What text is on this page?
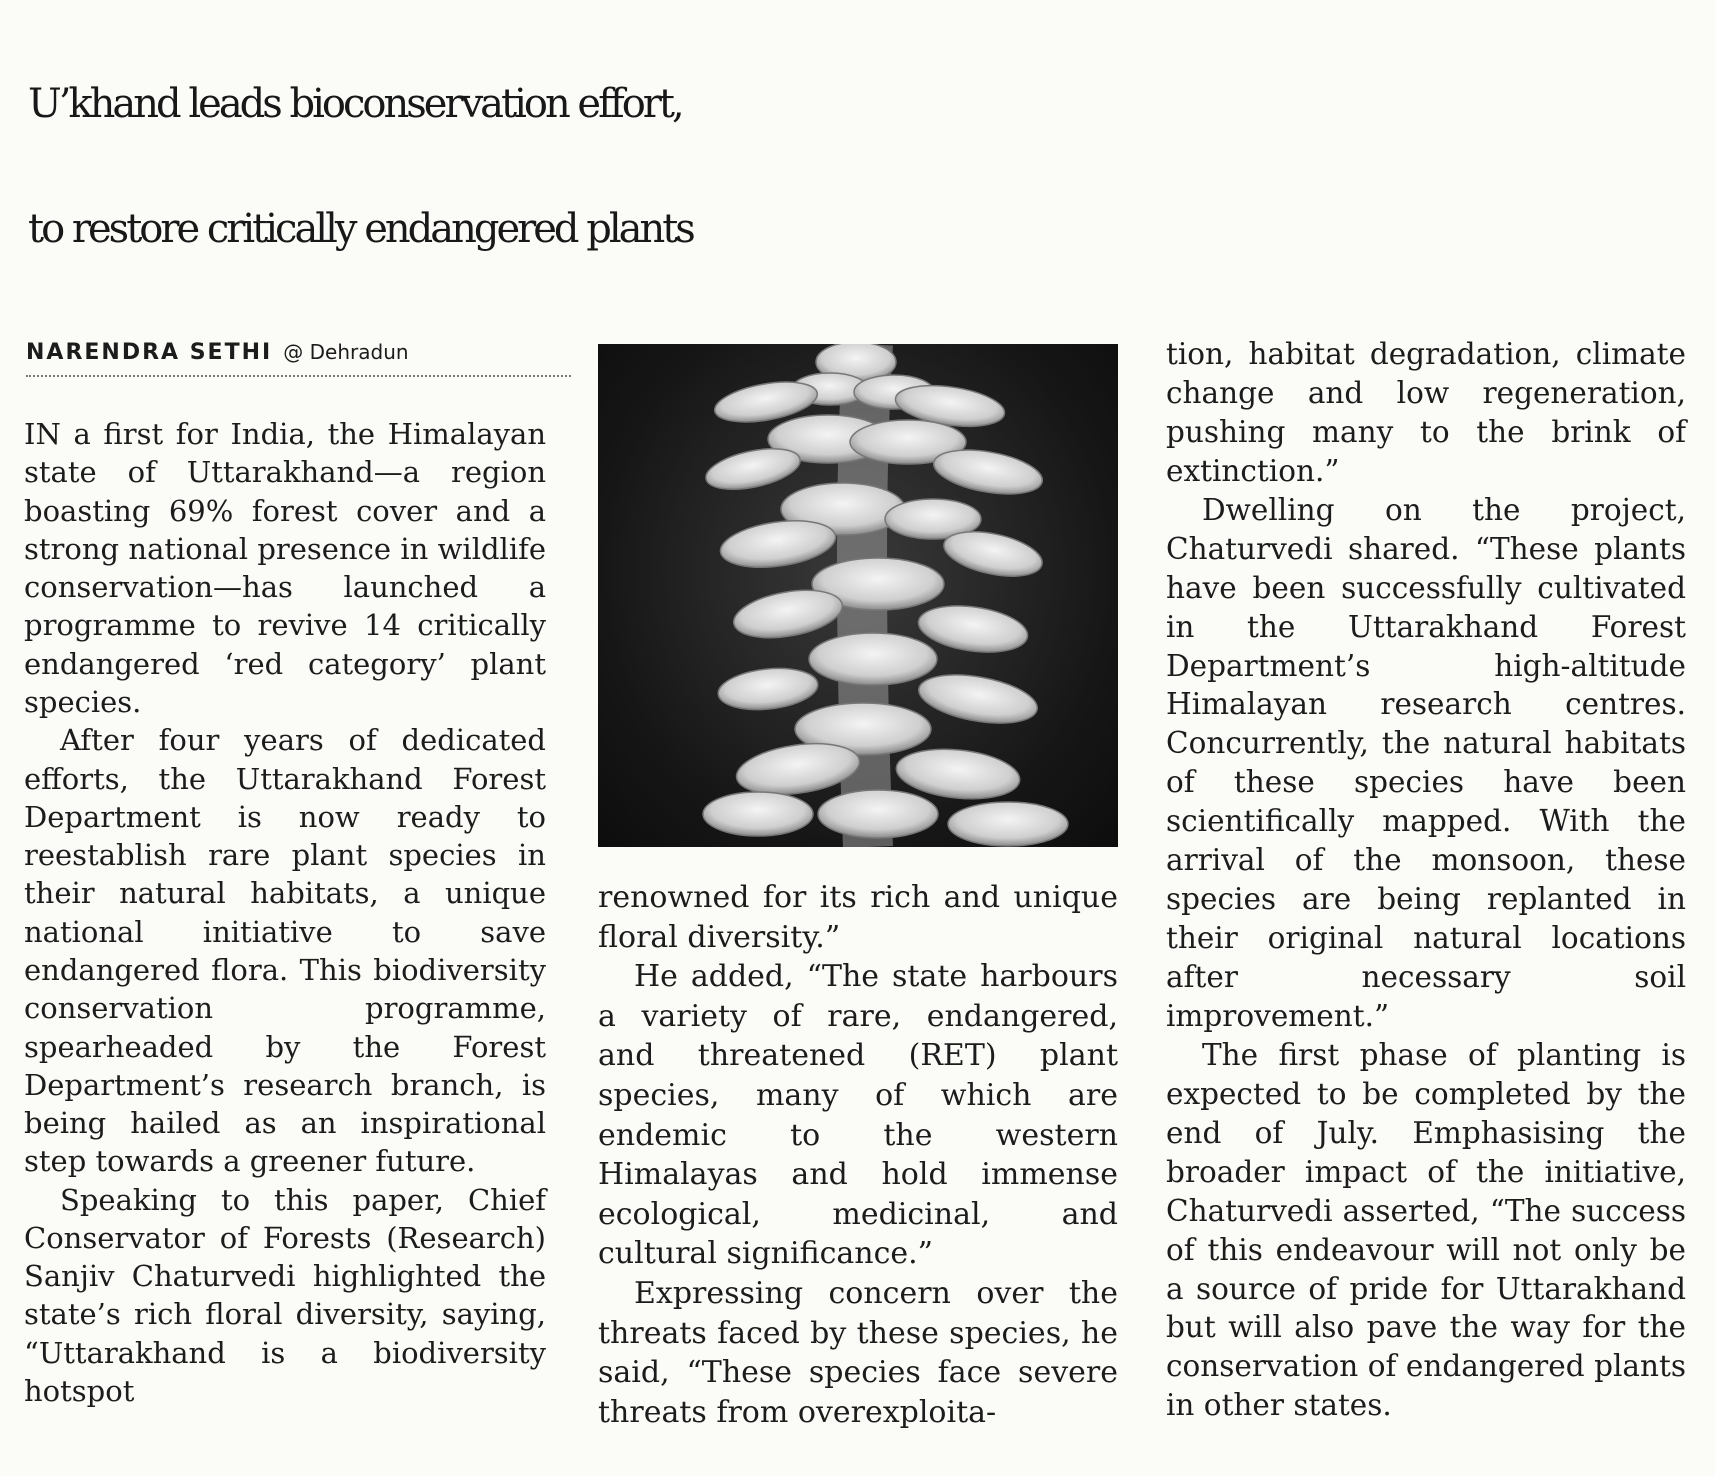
U’khand leads bioconservation effort,
to restore critically endangered plants
NARENDRA SETHI @ Dehradun

IN a first for India, the Himalayan state of Uttarakhand—a region boasting 69% forest cover and a strong national presence in wildlife conservation—has launched a programme to revive 14 critically endangered ‘red category’ plant species.

After four years of dedicated efforts, the Uttarakhand Forest Department is now ready to reestablish rare plant species in their natural habitats, a unique national initiative to save endangered flora. This biodiversity conservation programme, spearheaded by the Forest Department’s research branch, is being hailed as an inspirational step towards a greener future.

Speaking to this paper, Chief Conservator of Forests (Research) Sanjiv Chaturvedi highlighted the state’s rich floral diversity, saying, “Uttarakhand is a biodiversity hotspot

renowned for its rich and unique floral diversity.”

He added, “The state harbours a variety of rare, endangered, and threatened (RET) plant species, many of which are endemic to the western Himalayas and hold immense ecological, medicinal, and cultural significance.”

Expressing concern over the threats faced by these species, he said, “These species face severe threats from overexploita-

tion, habitat degradation, climate change and low regeneration, pushing many to the brink of extinction.”

Dwelling on the project, Chaturvedi shared. “These plants have been successfully cultivated in the Uttarakhand Forest Department’s high-altitude Himalayan research centres. Concurrently, the natural habitats of these species have been scientifically mapped. With the arrival of the monsoon, these species are being replanted in their original natural locations after necessary soil improvement.”

The first phase of planting is expected to be completed by the end of July. Emphasising the broader impact of the initiative, Chaturvedi asserted, “The success of this endeavour will not only be a source of pride for Uttarakhand but will also pave the way for the conservation of endangered plants in other states.
